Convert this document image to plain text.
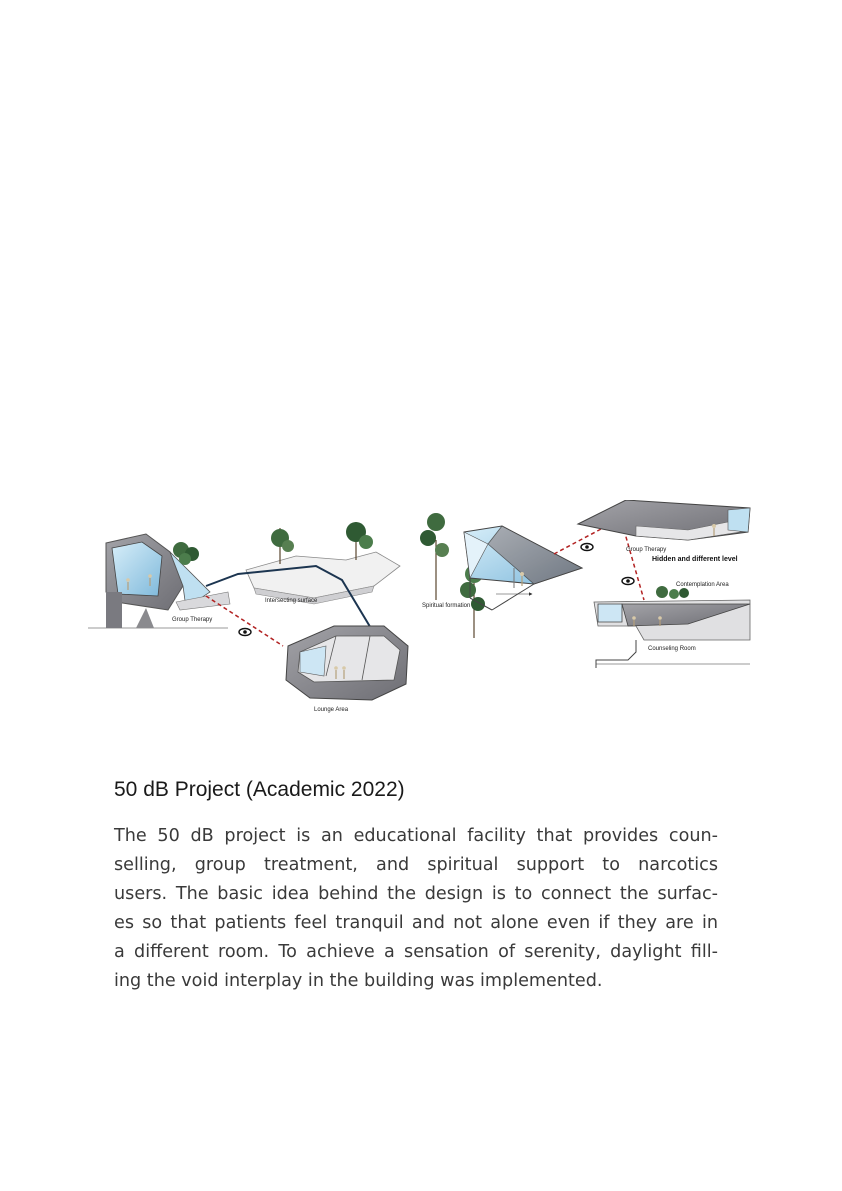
Group Therapy
Intersecting surface
Lounge Area
Spiritual formation
Group Therapy
Hidden and different level
Contemplation Area
Counseling Room
50 dB Project (Academic 2022)

The 50 dB project is an educational facility that provides coun-
selling, group treatment, and spiritual support to narcotics
users. The basic idea behind the design is to connect the surfac-
es so that patients feel tranquil and not alone even if they are in
a different room. To achieve a sensation of serenity, daylight fill-
ing the void interplay in the building was implemented.
